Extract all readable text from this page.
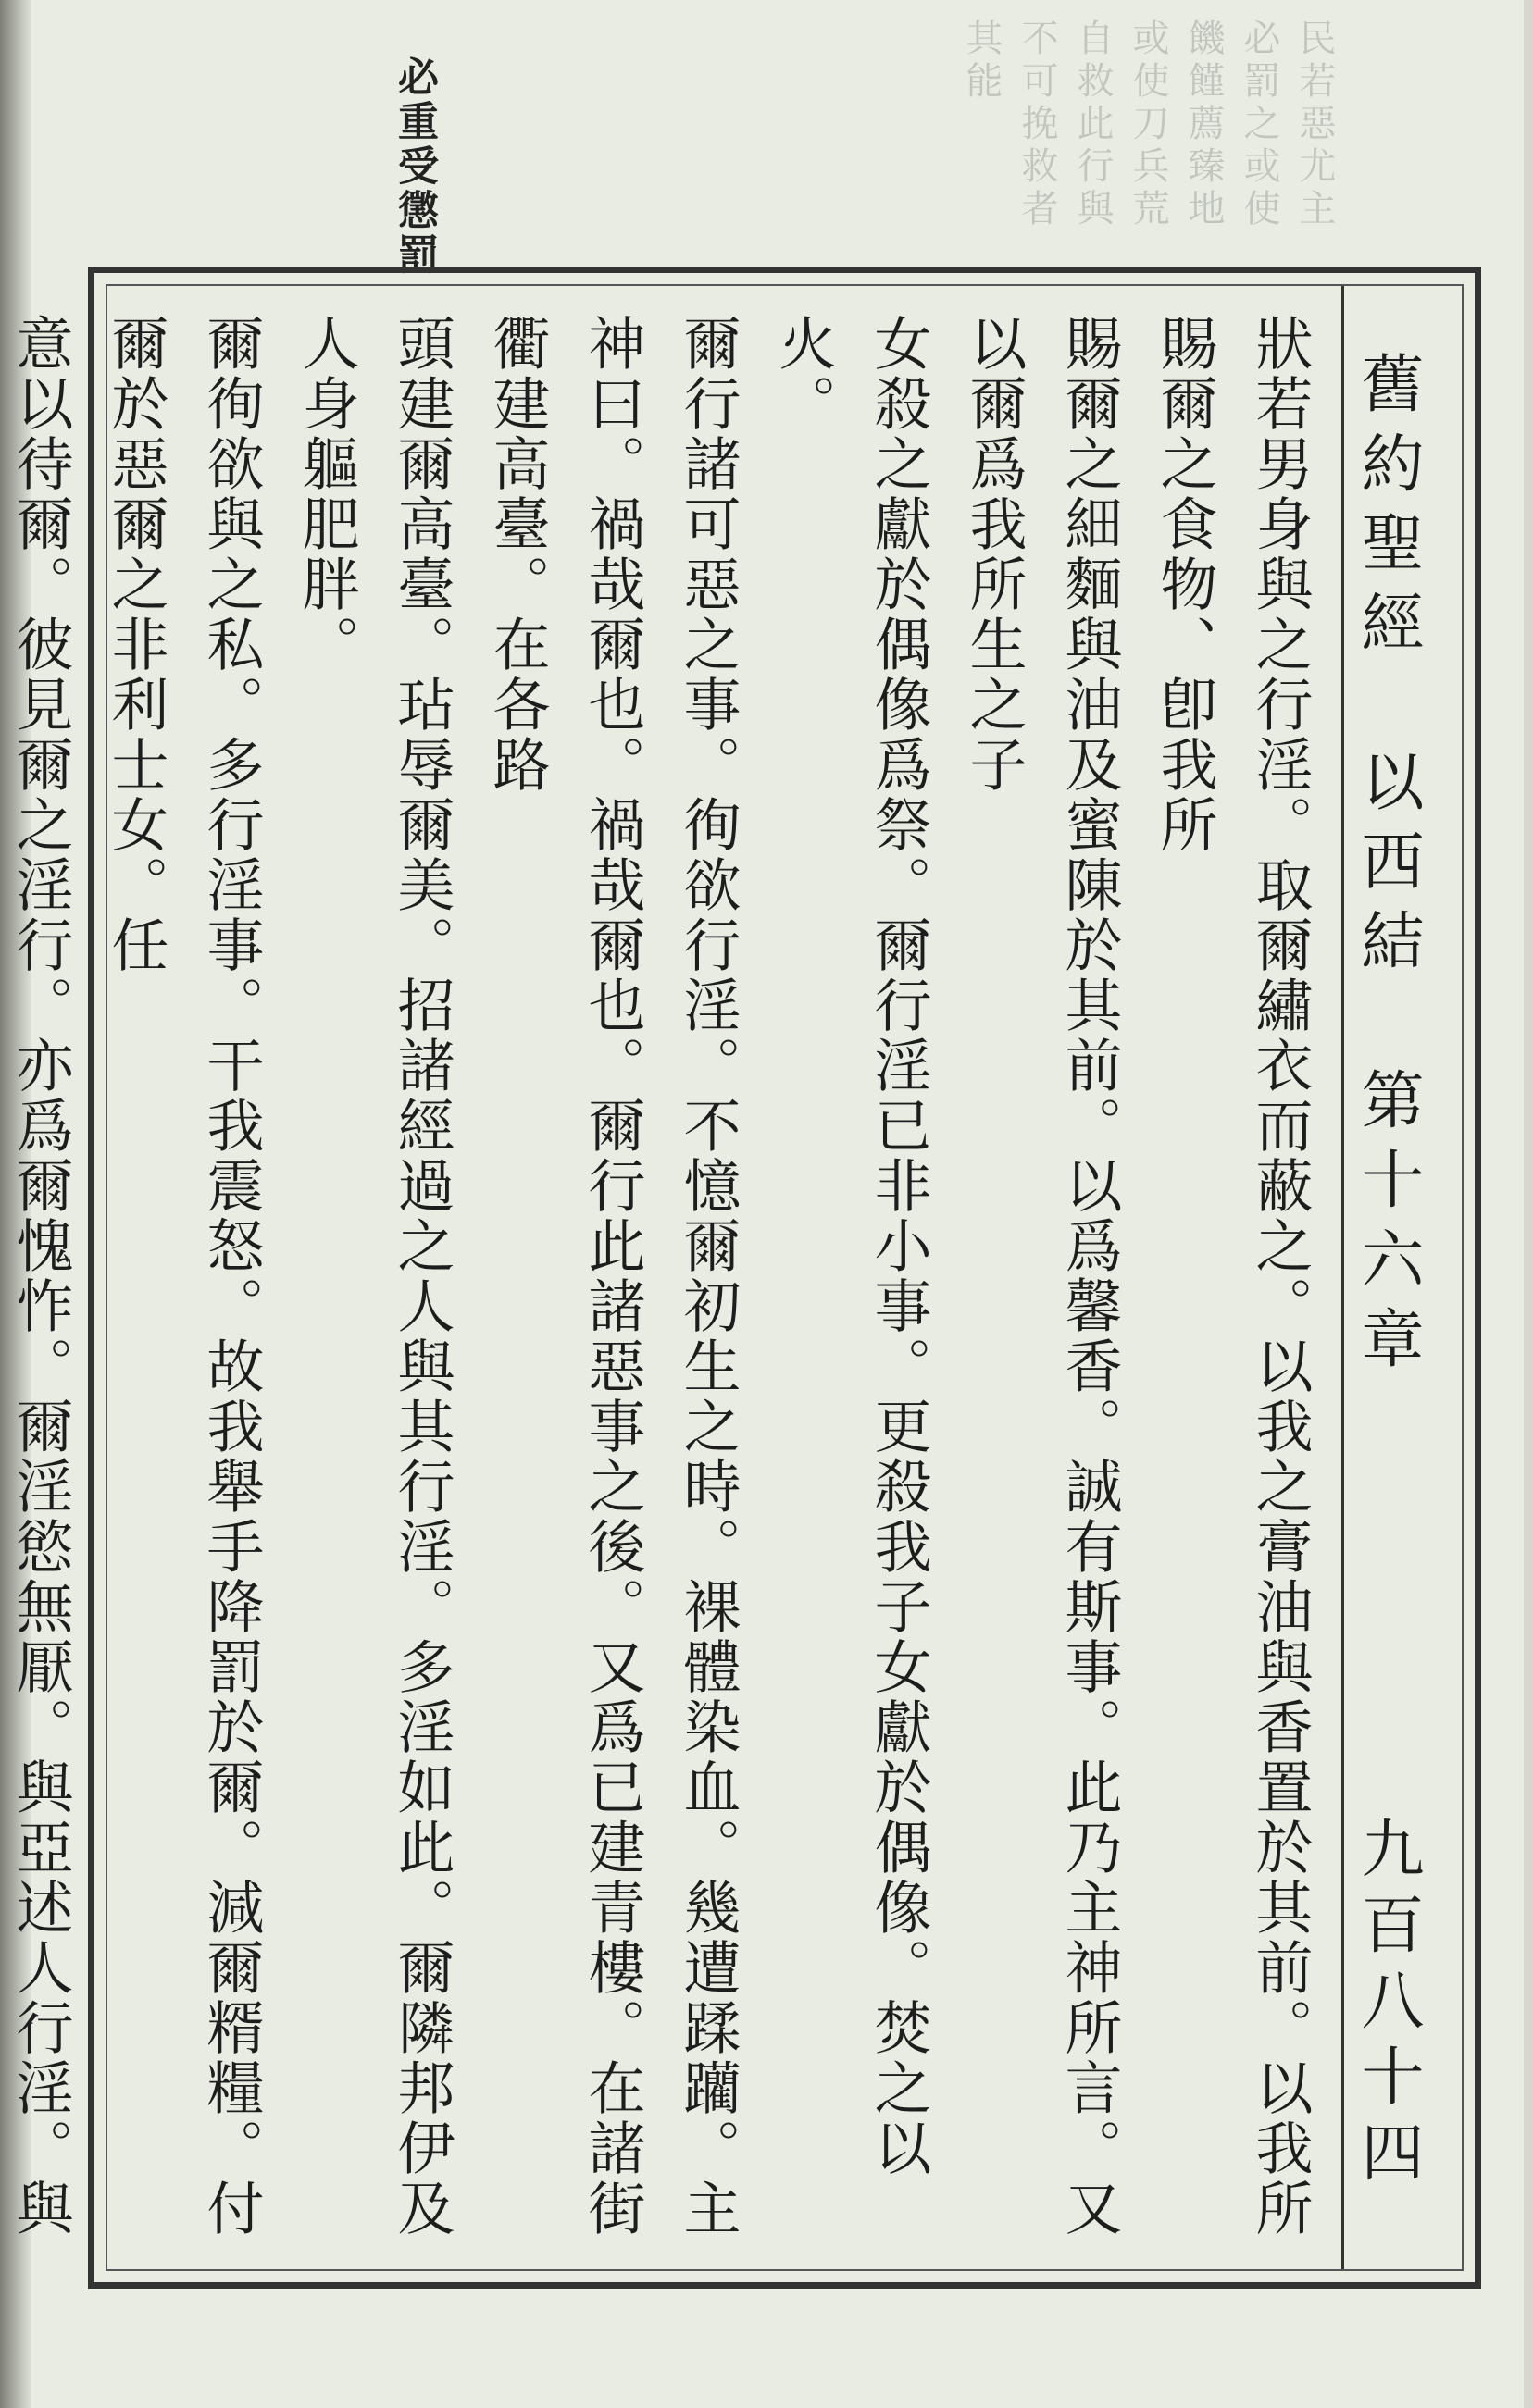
民若惡尤主必罰之或使饑饉薦臻地或使刀兵荒 自救此行與不可挽救者其能
必重受懲罰
舊約聖經　以西結　第十六章
九百八十四

狀若男身與之行淫。取爾繡衣而蔽之。以我之膏油與香置於其前。以我所賜爾之食物、卽我所

賜爾之細麵與油及蜜陳於其前。以爲馨香。誠有斯事。此乃主神所言。又以爾爲我所生之子

女殺之獻於偶像爲祭。爾行淫已非小事。更殺我子女獻於偶像。焚之以火。

爾行諸可惡之事。徇欲行淫。不憶爾初生之時。裸體染血。幾遭蹂躪。主

神曰。禍哉爾也。禍哉爾也。爾行此諸惡事之後。又爲已建青樓。在諸街衢建高臺。在各路

頭建爾高臺。玷辱爾美。招諸經過之人與其行淫。多淫如此。爾隣邦伊及人身軀肥胖。

爾徇欲與之私。多行淫事。干我震怒。故我舉手降罰於爾。減爾糈糧。付爾於惡爾之非利士女。任

意以待爾。彼見爾之淫行。亦爲爾愧怍。爾淫慾無厭。與亞述人行淫。與
